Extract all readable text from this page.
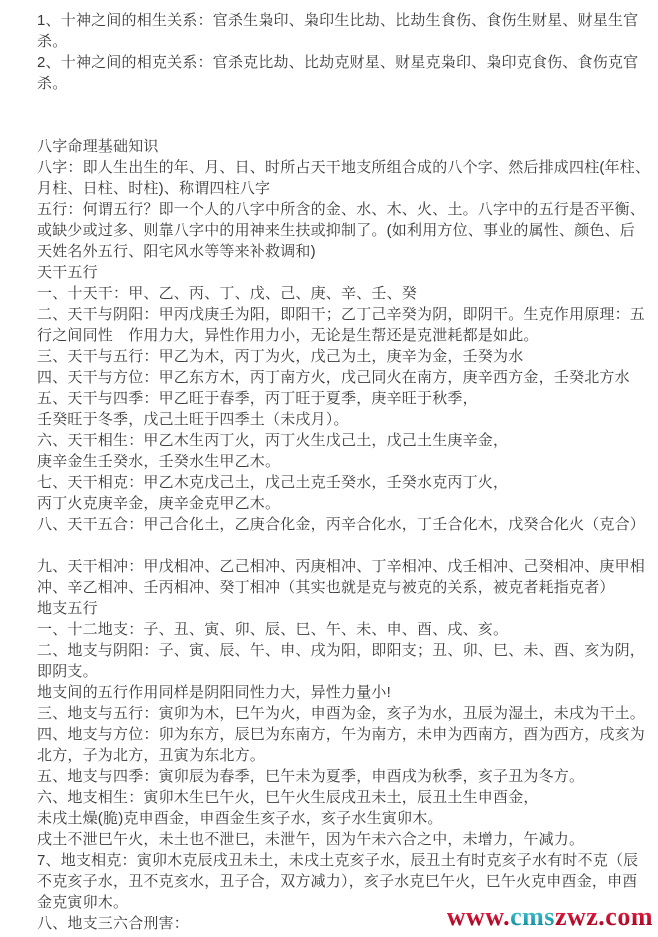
1、十神之间的相生关系：官杀生枭印、枭印生比劫、比劫生食伤、食伤生财星、财星生官
杀。
2、十神之间的相克关系：官杀克比劫、比劫克财星、财星克枭印、枭印克食伤、食伤克官
杀。
八字命理基础知识
八字：即人生出生的年、月、日、时所占天干地支所组合成的八个字、然后排成四柱(年柱、
月柱、日柱、时柱)、称谓四柱八字
五行：何谓五行？即一个人的八字中所含的金、水、木、火、土。八字中的五行是否平衡、
或缺少或过多、则靠八字中的用神来生扶或抑制了。(如利用方位、事业的属性、颜色、后
天姓名外五行、阳宅风水等等来补救调和)
天干五行
一、十天干：甲、乙、丙、丁、戊、己、庚、辛、壬、癸
二、天干与阴阳：甲丙戊庚壬为阳，即阳干；乙丁己辛癸为阴，即阴干。生克作用原理：五
行之间同性　作用力大，异性作用力小，无论是生帮还是克泄耗都是如此。
三、天干与五行：甲乙为木，丙丁为火，戊己为土，庚辛为金，壬癸为水
四、天干与方位：甲乙东方木，丙丁南方火，戊己同火在南方，庚辛西方金，壬癸北方水
五、天干与四季：甲乙旺于春季，丙丁旺于夏季，庚辛旺于秋季，
壬癸旺于冬季，戊己土旺于四季土（未戌月）。
六、天干相生：甲乙木生丙丁火，丙丁火生戊己土，戊己土生庚辛金，
庚辛金生壬癸水，壬癸水生甲乙木。
七、天干相克：甲乙木克戊己土，戊己土克壬癸水，壬癸水克丙丁火，
丙丁火克庚辛金，庚辛金克甲乙木。
八、天干五合：甲己合化土，乙庚合化金，丙辛合化水，丁壬合化木，戊癸合化火（克合）
九、天干相冲：甲戊相冲、乙己相冲、丙庚相冲、丁辛相冲、戊壬相冲、己癸相冲、庚甲相
冲、辛乙相冲、壬丙相冲、癸丁相冲（其实也就是克与被克的关系，被克者耗指克者）
地支五行
一、十二地支：子、丑、寅、卯、辰、巳、午、未、申、酉、戌、亥。
二、地支与阴阳：子、寅、辰、午、申、戌为阳，即阳支；丑、卯、巳、未、酉、亥为阴，
即阴支。
地支间的五行作用同样是阴阳同性力大，异性力量小!
三、地支与五行：寅卯为木，巳午为火，申酉为金，亥子为水，丑辰为湿土，未戌为干土。
四、地支与方位：卯为东方，辰巳为东南方，午为南方，未申为西南方，酉为西方，戌亥为
北方，子为北方，丑寅为东北方。
五、地支与四季：寅卯辰为春季，巳午未为夏季，申酉戌为秋季，亥子丑为冬方。
六、地支相生：寅卯木生巳午火，巳午火生辰戌丑未土，辰丑土生申酉金，
未戌土燥(脆)克申酉金，申酉金生亥子水，亥子水生寅卯木。
戌土不泄巳午火，未土也不泄巳，未泄午，因为午未六合之中，未增力，午减力。
7、地支相克：寅卯木克辰戌丑未土，未戌土克亥子水，辰丑土有时克亥子水有时不克（辰
不克亥子水，丑不克亥水，丑子合，双方减力），亥子水克巳午火，巳午火克申酉金，申酉
金克寅卯木。
八、地支三六合刑害：	www.cmszwz.com
